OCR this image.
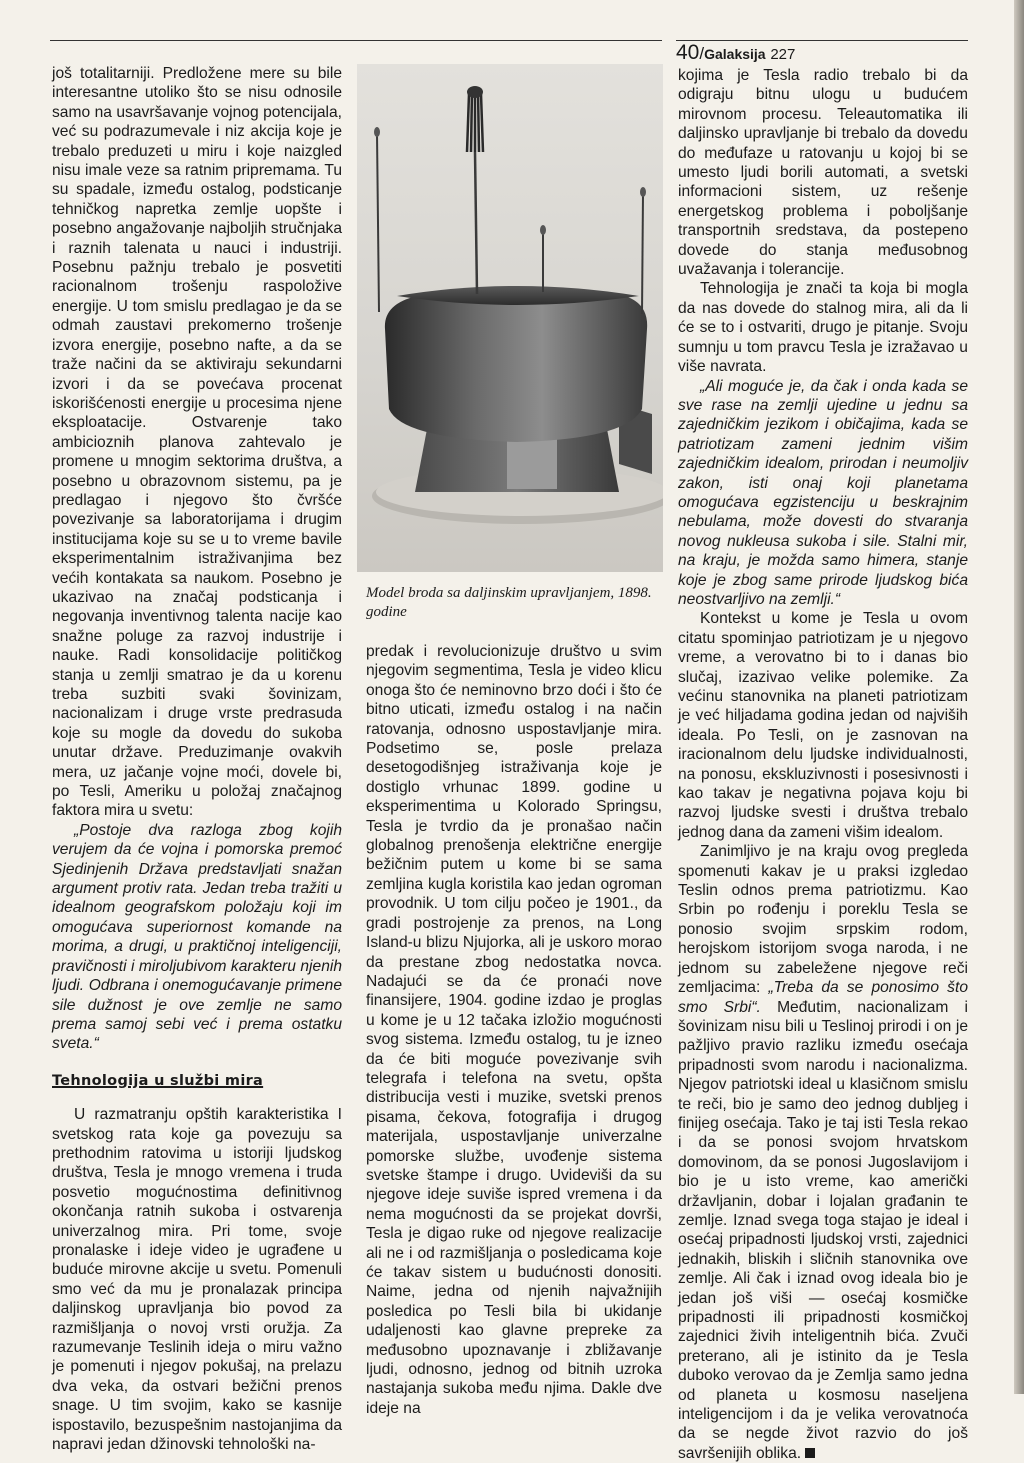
40/Galaksija 227

još totalitarniji. Predložene mere su bile interesantne utoliko što se nisu odnosile samo na usavršavanje vojnog potencijala, već su podrazumevale i niz akcija koje je trebalo preduzeti u miru i koje naizgled nisu imale veze sa ratnim pripremama. Tu su spadale, između ostalog, podsticanje tehničkog napretka zemlje uopšte i posebno angažovanje najboljih stručnjaka i raznih talenata u nauci i industriji. Posebnu pažnju trebalo je posvetiti racionalnom trošenju raspoložive energije. U tom smislu predlagao je da se odmah zaustavi prekomerno trošenje izvora energije, posebno nafte, a da se traže načini da se aktiviraju sekundarni izvori i da se povećava procenat iskorišćenosti energije u procesima njene eksploatacije. Ostvarenje tako ambicioznih planova zahtevalo je promene u mnogim sektorima društva, a posebno u obrazovnom sistemu, pa je predlagao i njegovo što čvršće povezivanje sa laboratorijama i drugim institucijama koje su se u to vreme bavile eksperimentalnim istraživanjima bez većih kontakata sa naukom. Posebno je ukazivao na značaj podsticanja i negovanja inventivnog talenta nacije kao snažne poluge za razvoj industrije i nauke. Radi konsolidacije političkog stanja u zemlji smatrao je da u korenu treba suzbiti svaki šovinizam, nacionalizam i druge vrste predrasuda koje su mogle da dovedu do sukoba unutar države. Preduzimanje ovakvih mera, uz jačanje vojne moći, dovele bi, po Tesli, Ameriku u položaj značajnog faktora mira u svetu:

„Postoje dva razloga zbog kojih verujem da će vojna i pomorska premoć Sjedinjenih Država predstavljati snažan argument protiv rata. Jedan treba tražiti u idealnom geografskom položaju koji im omogućava superiornost komande na morima, a drugi, u praktičnoj inteligenciji, pravičnosti i miroljubivom karakteru njenih ljudi. Odbrana i onemogućavanje primene sile dužnost je ove zemlje ne samo prema samoj sebi već i prema ostatku sveta.“

Tehnologija u službi mira

U razmatranju opštih karakteristika I svetskog rata koje ga povezuju sa prethodnim ratovima u istoriji ljudskog društva, Tesla je mnogo vremena i truda posvetio mogućnostima definitivnog okončanja ratnih sukoba i ostvarenja univerzalnog mira. Pri tome, svoje pronalaske i ideje video je ugrađene u buduće mirovne akcije u svetu. Pomenuli smo već da mu je pronalazak principa daljinskog upravljanja bio povod za razmišljanja o novoj vrsti oružja. Za razumevanje Teslinih ideja o miru važno je pomenuti i njegov pokušaj, na prelazu dva veka, da ostvari bežični prenos snage. U tim svojim, kako se kasnije ispostavilo, bezuspešnim nastojanjima da napravi jedan džinovski tehnološki na-

Model broda sa daljinskim upravljanjem, 1898. godine

predak i revolucionizuje društvo u svim njegovim segmentima, Tesla je video klicu onoga što će neminovno brzo doći i što će bitno uticati, između ostalog i na način ratovanja, odnosno uspostavljanje mira. Podsetimo se, posle prelaza desetogodišnjeg istraživanja koje je dostiglo vrhunac 1899. godine u eksperimentima u Kolorado Springsu, Tesla je tvrdio da je pronašao način globalnog prenošenja električne energije bežičnim putem u kome bi se sama zemljina kugla koristila kao jedan ogroman provodnik. U tom cilju počeo je 1901., da gradi postrojenje za prenos, na Long Island-u blizu Njujorka, ali je uskoro morao da prestane zbog nedostatka novca. Nadajući se da će pronaći nove finansijere, 1904. godine izdao je proglas u kome je u 12 tačaka izložio mogućnosti svog sistema. Između ostalog, tu je izneo da će biti moguće povezivanje svih telegrafa i telefona na svetu, opšta distribucija vesti i muzike, svetski prenos pisama, čekova, fotografija i drugog materijala, uspostavljanje univerzalne pomorske službe, uvođenje sistema svetske štampe i drugo. Uvideviši da su njegove ideje suviše ispred vremena i da nema mogućnosti da se projekat dovrši, Tesla je digao ruke od njegove realizacije ali ne i od razmišljanja o posledicama koje će takav sistem u budućnosti donositi. Naime, jedna od njenih najvažnijih posledica po Tesli bila bi ukidanje udaljenosti kao glavne prepreke za međusobno upoznavanje i zbližavanje ljudi, odnosno, jednog od bitnih uzroka nastajanja sukoba među njima. Dakle dve ideje na

kojima je Tesla radio trebalo bi da odigraju bitnu ulogu u budućem mirovnom procesu. Teleautomatika ili daljinsko upravljanje bi trebalo da dovedu do međufaze u ratovanju u kojoj bi se umesto ljudi borili automati, a svetski informacioni sistem, uz rešenje energetskog problema i poboljšanje transportnih sredstava, da postepeno dovede do stanja međusobnog uvažavanja i tolerancije.

Tehnologija je znači ta koja bi mogla da nas dovede do stalnog mira, ali da li će se to i ostvariti, drugo je pitanje. Svoju sumnju u tom pravcu Tesla je izražavao u više navrata.

„Ali moguće je, da čak i onda kada se sve rase na zemlji ujedine u jednu sa zajedničkim jezikom i običajima, kada se patriotizam zameni jednim višim zajedničkim idealom, prirodan i neumoljiv zakon, isti onaj koji planetama omogućava egzistenciju u beskrajnim nebulama, može dovesti do stvaranja novog nukleusa sukoba i sile. Stalni mir, na kraju, je možda samo himera, stanje koje je zbog same prirode ljudskog bića neostvarljivo na zemlji.“

Kontekst u kome je Tesla u ovom citatu spominjao patriotizam je u njegovo vreme, a verovatno bi to i danas bio slučaj, izazivao velike polemike. Za većinu stanovnika na planeti patriotizam je već hiljadama godina jedan od najviših ideala. Po Tesli, on je zasnovan na iracionalnom delu ljudske individualnosti, na ponosu, ekskluzivnosti i posesivnosti i kao takav je negativna pojava koju bi razvoj ljudske svesti i društva trebalo jednog dana da zameni višim idealom.

Zanimljivo je na kraju ovog pregleda spomenuti kakav je u praksi izgledao Teslin odnos prema patriotizmu. Kao Srbin po rođenju i poreklu Tesla se ponosio svojim srpskim rodom, herojskom istorijom svoga naroda, i ne jednom su zabeležene njegove reči zemljacima: „Treba da se ponosimo što smo Srbi“. Međutim, nacionalizam i šovinizam nisu bili u Teslinoj prirodi i on je pažljivo pravio razliku između osećaja pripadnosti svom narodu i nacionalizma. Njegov patriotski ideal u klasičnom smislu te reči, bio je samo deo jednog dubljeg i finijeg osećaja. Tako je taj isti Tesla rekao i da se ponosi svojom hrvatskom domovinom, da se ponosi Jugoslavijom i bio je u isto vreme, kao američki državljanin, dobar i lojalan građanin te zemlje. Iznad svega toga stajao je ideal i osećaj pripadnosti ljudskoj vrsti, zajednici jednakih, bliskih i sličnih stanovnika ove zemlje. Ali čak i iznad ovog ideala bio je jedan još viši — osećaj kosmičke pripadnosti ili pripadnosti kosmičkoj zajednici živih inteligentnih bića. Zvuči preterano, ali je istinito da je Tesla duboko verovao da je Zemlja samo jedna od planeta u kosmosu naseljena inteligencijom i da je velika verovatnoća da se negde život razvio do još savršenijih oblika.
